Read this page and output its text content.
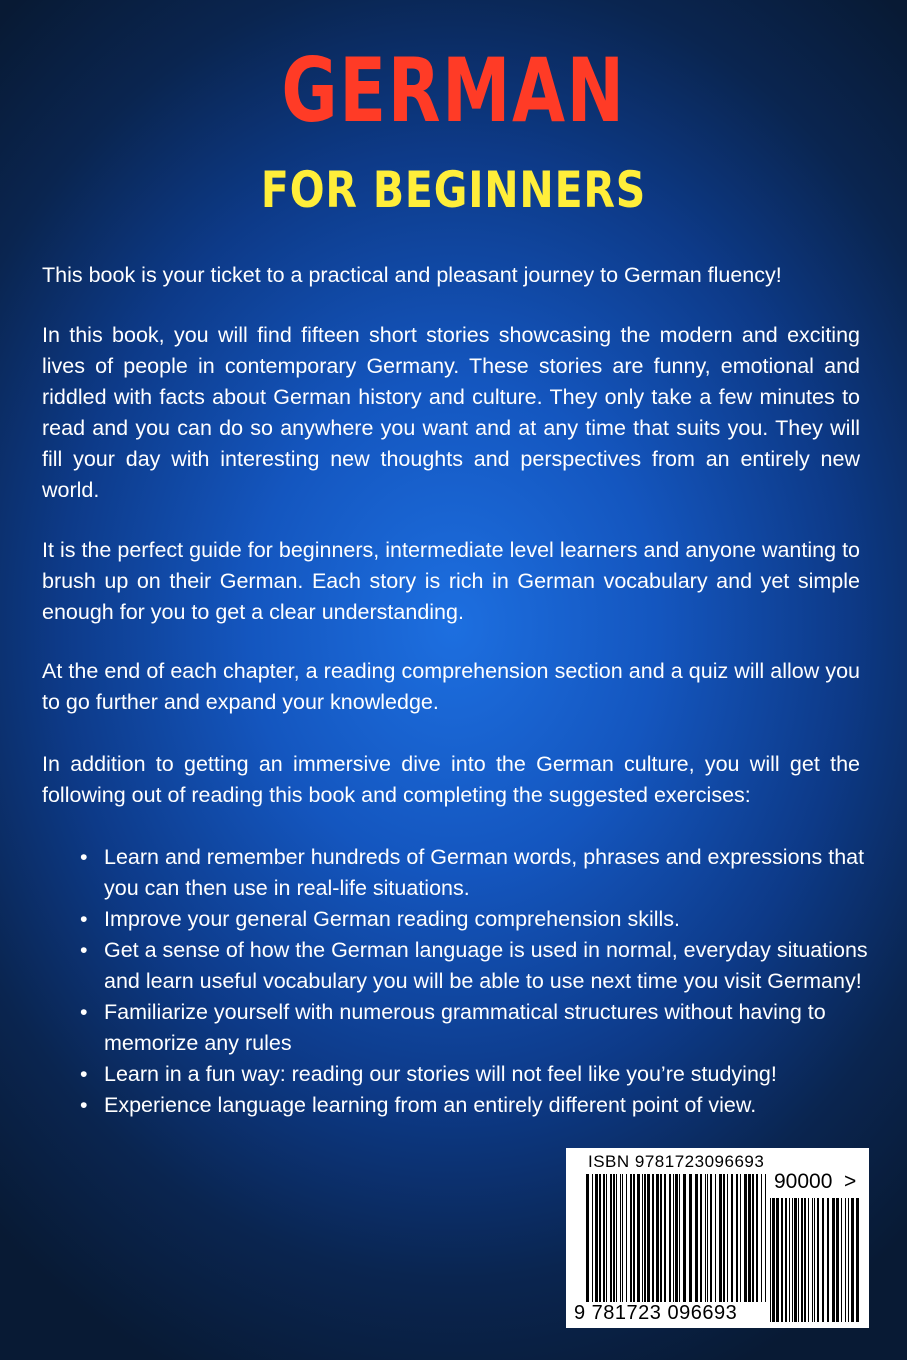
GERMAN
FOR BEGINNERS
This book is your ticket to a practical and pleasant journey to German fluency!
In this book, you will find fifteen short stories showcasing the modern and exciting lives of people in contemporary Germany. These stories are funny, emotional and riddled with facts about German history and culture. They only take a few minutes to read and you can do so anywhere you want and at any time that suits you. They will fill your day with interesting new thoughts and perspectives from an entirely new world.
It is the perfect guide for beginners, intermediate level learners and anyone wanting to brush up on their German. Each story is rich in German vocabulary and yet simple enough for you to get a clear understanding.
At the end of each chapter, a reading comprehension section and a quiz will allow you to go further and expand your knowledge.
In addition to getting an immersive dive into the German culture, you will get the following out of reading this book and completing the suggested exercises:
• Learn and remember hundreds of German words, phrases and expressions that you can then use in real-life situations.
• Improve your general German reading comprehension skills.
• Get a sense of how the German language is used in normal, everyday situations and learn useful vocabulary you will be able to use next time you visit Germany!
• Familiarize yourself with numerous grammatical structures without having to memorize any rules
• Learn in a fun way: reading our stories will not feel like you’re studying!
• Experience language learning from an entirely different point of view.
ISBN 9781723096693
90000 >
9 781723 096693
